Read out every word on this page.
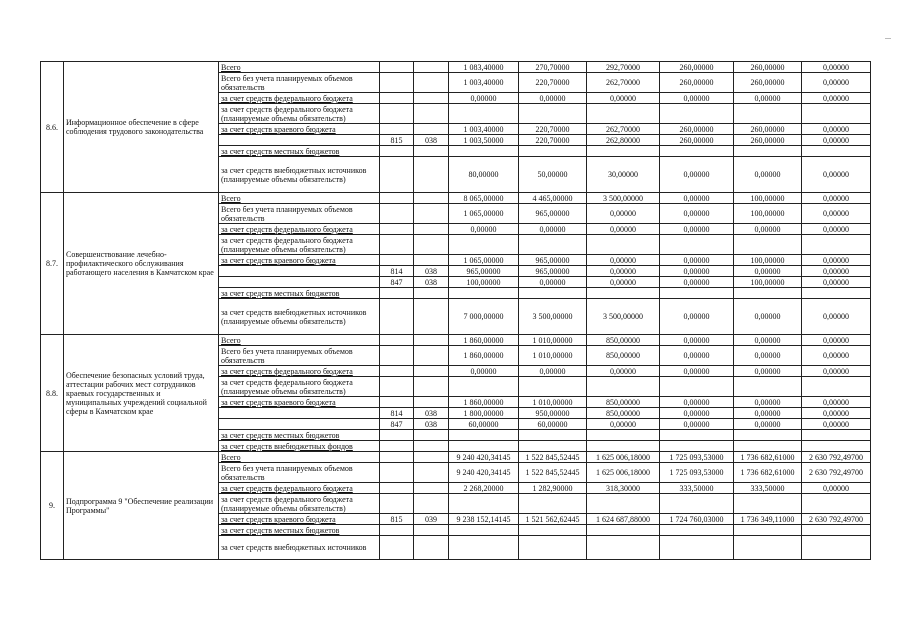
8.6.	Информационное обеспечение в сфере соблюдения трудового законодательства	Всего			1 083,40000	270,70000	292,70000	260,00000	260,00000	0,00000
		Всего без учета планируемых объемов обязательств			1 003,40000	220,70000	262,70000	260,00000	260,00000	0,00000
		за счет средств федерального бюджета			0,00000	0,00000	0,00000	0,00000	0,00000	0,00000
		за счет средств федерального бюджета (планируемые объемы обязательств)								
		за счет средств краевого бюджета			1 003,40000	220,70000	262,70000	260,00000	260,00000	0,00000
			815	038	1 003,50000	220,70000	262,80000	260,00000	260,00000	0,00000
		за счет средств местных бюджетов								
		за счет средств внебюджетных источников (планируемые объемы обязательств)			80,00000	50,00000	30,00000	0,00000	0,00000	0,00000
8.7.	Совершенствование лечебно-профилактического обслуживания работающего населения в Камчатском крае	Всего			8 065,00000	4 465,00000	3 500,00000	0,00000	100,00000	0,00000
		Всего без учета планируемых объемов обязательств			1 065,00000	965,00000	0,00000	0,00000	100,00000	0,00000
		за счет средств федерального бюджета			0,00000	0,00000	0,00000	0,00000	0,00000	0,00000
		за счет средств федерального бюджета (планируемые объемы обязательств)								
		за счет средств краевого бюджета			1 065,00000	965,00000	0,00000	0,00000	100,00000	0,00000
			814	038	965,00000	965,00000	0,00000	0,00000	0,00000	0,00000
			847	038	100,00000	0,00000	0,00000	0,00000	100,00000	0,00000
		за счет средств местных бюджетов								
		за счет средств внебюджетных источников (планируемые объемы обязательств)			7 000,00000	3 500,00000	3 500,00000	0,00000	0,00000	0,00000
8.8.	Обеспечение безопасных условий труда, аттестации рабочих мест сотрудников краевых государственных и муниципальных учреждений социальной сферы в Камчатском крае	Всего			1 860,00000	1 010,00000	850,00000	0,00000	0,00000	0,00000
		Всего без учета планируемых объемов обязательств			1 860,00000	1 010,00000	850,00000	0,00000	0,00000	0,00000
		за счет средств федерального бюджета			0,00000	0,00000	0,00000	0,00000	0,00000	0,00000
		за счет средств федерального бюджета (планируемые объемы обязательств)								
		за счет средств краевого бюджета			1 860,00000	1 010,00000	850,00000	0,00000	0,00000	0,00000
			814	038	1 800,00000	950,00000	850,00000	0,00000	0,00000	0,00000
			847	038	60,00000	60,00000	0,00000	0,00000	0,00000	0,00000
		за счет средств местных бюджетов								
		за счет средств внебюджетных фондов								
9.	Подпрограмма 9 "Обеспечение реализации Программы"	Всего			9 240 420,34145	1 522 845,52445	1 625 006,18000	1 725 093,53000	1 736 682,61000	2 630 792,49700
		Всего без учета планируемых объемов обязательств			9 240 420,34145	1 522 845,52445	1 625 006,18000	1 725 093,53000	1 736 682,61000	2 630 792,49700
		за счет средств федерального бюджета			2 268,20000	1 282,90000	318,30000	333,50000	333,50000	0,00000
		за счет средств федерального бюджета (планируемые объемы обязательств)								
		за счет средств краевого бюджета	815	039	9 238 152,14145	1 521 562,62445	1 624 687,88000	1 724 760,03000	1 736 349,11000	2 630 792,49700
		за счет средств местных бюджетов								
		за счет средств внебюджетных источников								
